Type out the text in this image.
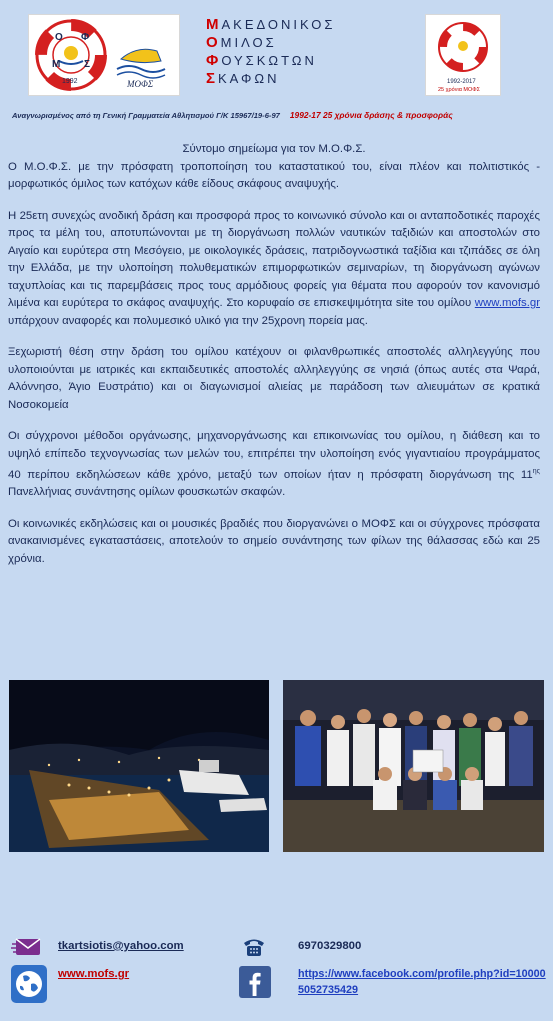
Ο Φ
Μ Σ
1992	ΜΟΦΣ
ΜΑΚΕΔΟΝΙΚΟΣ
ΟΜΙΛΟΣ
ΦΟΥΣΚΩΤΩΝ
ΣΚΑΦΩΝ	1992-2017
25 χρόνια ΜΟΦΣ
Αναγνωρισμένος από τη Γενική Γραμματεία Αθλητισμού Γ/Κ 15967/19-6-97 1992-17 25 χρόνια δράσης & προσφοράς

Σύντομο σημείωμα για τον Μ.Ο.Φ.Σ.

Ο Μ.Ο.Φ.Σ. με την πρόσφατη τροποποίηση του καταστατικού του, είναι πλέον και πολιτιστικός - μορφωτικός όμιλος των κατόχων κάθε είδους σκάφους αναψυχής.

Η 25ετη συνεχώς ανοδική δράση και προσφορά προς το κοινωνικό σύνολο και οι ανταποδοτικές παροχές προς τα μέλη του, αποτυπώνονται με τη διοργάνωση πολλών ναυτικών ταξιδιών και αποστολών στο Αιγαίο και ευρύτερα στη Μεσόγειο, με οικολογικές δράσεις, πατριδογνωστικά ταξίδια και τζιπάδες σε όλη την Ελλάδα, με την υλοποίηση πολυθεματικών επιμορφωτικών σεμιναρίων, τη διοργάνωση αγώνων ταχυπλοίας και τις παρεμβάσεις προς τους αρμόδιους φορείς για θέματα που αφορούν τον κανονισμό λιμένα και ευρύτερα το σκάφος αναψυχής. Στο κορυφαίο σε επισκεψιμότητα site του ομίλου www.mofs.gr υπάρχουν αναφορές και πολυμεσικό υλικό για την 25χρονη πορεία μας.

Ξεχωριστή θέση στην δράση του ομίλου κατέχουν οι φιλανθρωπικές αποστολές αλληλεγγύης που υλοποιούνται με ιατρικές και εκπαιδευτικές αποστολές αλληλεγγύης σε νησιά (όπως αυτές στα Ψαρά, Αλόννησο, Άγιο Ευστράτιο) και οι διαγωνισμοί αλιείας με παράδοση των αλιευμάτων σε κρατικά Νοσοκομεία

Οι σύγχρονοι μέθοδοι οργάνωσης, μηχανοργάνωσης και επικοινωνίας του ομίλου, η διάθεση και το υψηλό επίπεδο τεχνογνωσίας των μελών του, επιτρέπει την υλοποίηση ενός γιγαντιαίου προγράμματος 40 περίπου εκδηλώσεων κάθε χρόνο, μεταξύ των οποίων ήταν η πρόσφατη διοργάνωση της $11^{\eta\varsigma}$ Πανελλήνιας συνάντησης ομίλων φουσκωτών σκαφών.

Οι κοινωνικές εκδηλώσεις και οι μουσικές βραδιές που διοργανώνει ο ΜΟΦΣ και οι σύγχρονες πρόσφατα ανακαινισμένες εγκαταστάσεις, αποτελούν το σημείο συνάντησης των φίλων της θάλασσας εδώ και 25 χρόνια.

tkartsiotis@yahoo.com	6970329800
www.mofs.gr	https://www.facebook.com/profile.php?id=100005052735429
